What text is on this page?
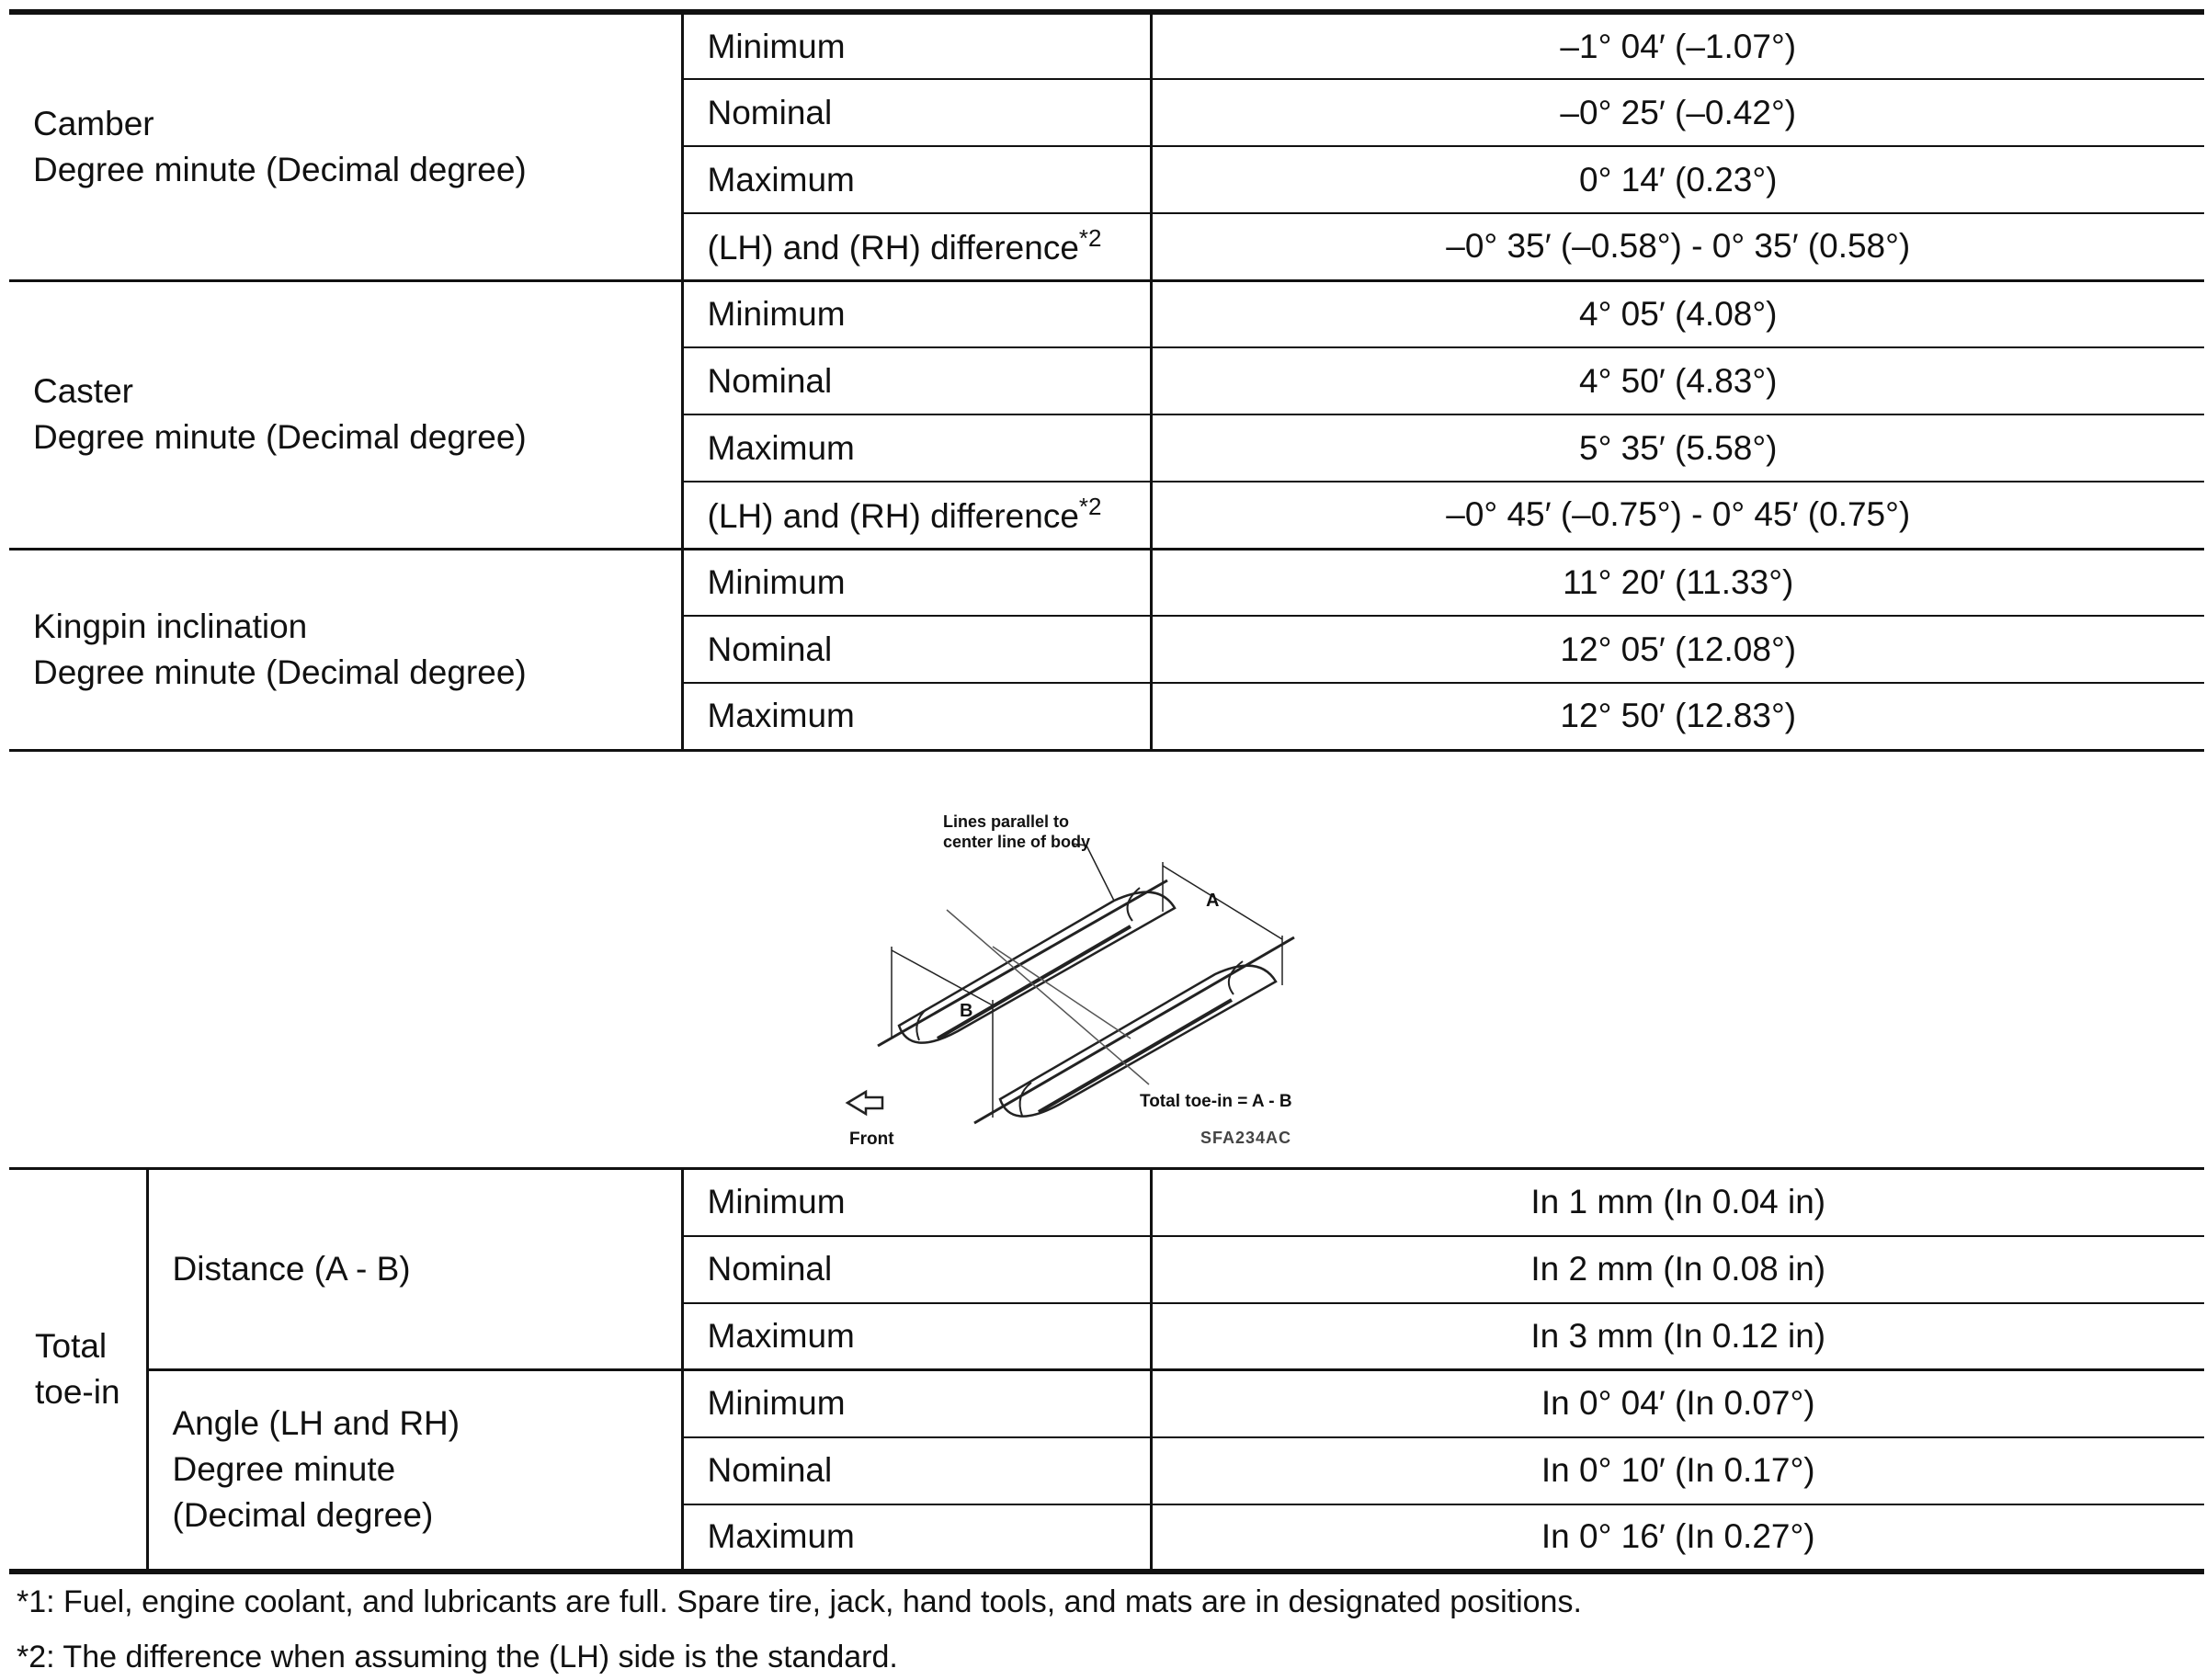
Camber
Degree minute (Decimal degree)	Minimum	–1° 04′ (–1.07°)
	Nominal	–0° 25′ (–0.42°)
	Maximum	0° 14′ (0.23°)
	(LH) and (RH) difference$^{*2}$	–0° 35′ (–0.58°) - 0° 35′ (0.58°)

Caster
Degree minute (Decimal degree)	Minimum	4° 05′ (4.08°)
	Nominal	4° 50′ (4.83°)
	Maximum	5° 35′ (5.58°)
	(LH) and (RH) difference$^{*2}$	–0° 45′ (–0.75°) - 0° 45′ (0.75°)

Kingpin inclination
Degree minute (Decimal degree)	Minimum	11° 20′ (11.33°)
	Nominal	12° 05′ (12.08°)
	Maximum	12° 50′ (12.83°)
Lines parallel to
center line of body
A
B
Total toe-in = A - B
Front	SFA234AC
Total
toe-in	Distance (A - B)	Minimum	In 1 mm (In 0.04 in)
		Nominal	In 2 mm (In 0.08 in)
		Maximum	In 3 mm (In 0.12 in)

	Angle (LH and RH)
Degree minute
(Decimal degree)	Minimum	In 0° 04′ (In 0.07°)
		Nominal	In 0° 10′ (In 0.17°)
		Maximum	In 0° 16′ (In 0.27°)
*1: Fuel, engine coolant, and lubricants are full. Spare tire, jack, hand tools, and mats are in designated positions.
*2: The difference when assuming the (LH) side is the standard.
